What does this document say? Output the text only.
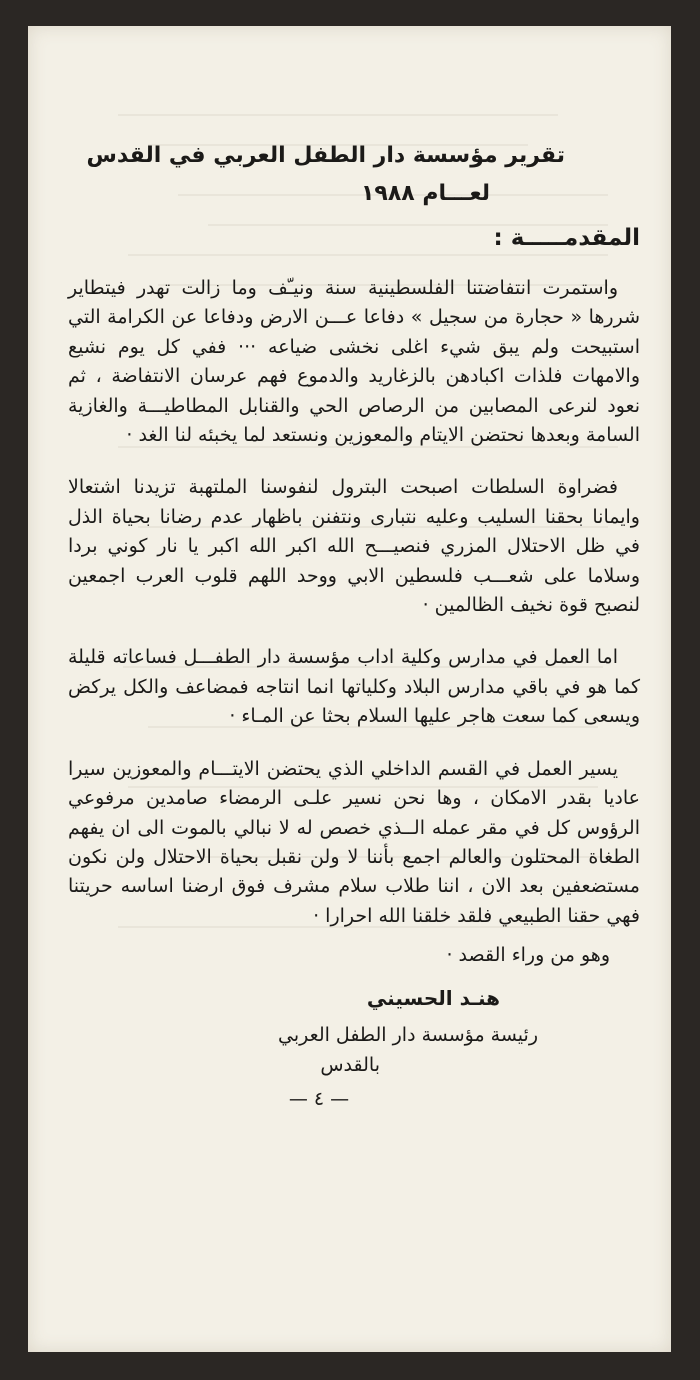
تقرير مؤسسة دار الطفل العربي في القدس
لعـــام ١٩٨٨
المقدمـــــة :

واستمرت انتفاضتنا الفلسطينية سنة ونيـّف وما زالت تهدر فيتطاير شررها « حجارة من سجيل » دفاعا عـــن الارض ودفاعا عن الكرامة التي استبيحت ولم يبق شيء اغلى نخشى ضياعه ··· ففي كل يوم نشيع والامهات فلذات اكبادهن بالزغاريد والدموع فهم عرسان الانتفاضة ، ثم نعود لنرعى المصابين من الرصاص الحي والقنابل المطاطيـــة والغازية السامة وبعدها نحتضن الايتام والمعوزين ونستعد لما يخبئه لنا الغد ·

فضراوة السلطات اصبحت البترول لنفوسنا الملتهبة تزيدنا اشتعالا وايمانا بحقنا السليب وعليه نتبارى ونتفنن باظهار عدم رضانا بحياة الذل في ظل الاحتلال المزري فنصيـــح الله اكبر الله اكبر يا نار كوني بردا وسلاما على شعـــب فلسطين الابي ووحد اللهم قلوب العرب اجمعين لنصبح قوة نخيف الظالمين ·

اما العمل في مدارس وكلية اداب مؤسسة دار الطفـــل فساعاته قليلة كما هو في باقي مدارس البلاد وكلياتها انما انتاجه فمضاعف والكل يركض ويسعى كما سعت هاجر عليها السلام بحثا عن المـاء ·

يسير العمل في القسم الداخلي الذي يحتضن الايتـــام والمعوزين سيرا عاديا بقدر الامكان ، وها نحن نسير علـى الرمضاء صامدين مرفوعي الرؤوس كل في مقر عمله الــذي خصص له لا نبالي بالموت الى ان يفهم الطغاة المحتلون والعالم اجمع بأننا لا ولن نقبل بحياة الاحتلال ولن نكون مستضعفين بعد الان ، اننا طلاب سلام مشرف فوق ارضنا اساسه حريتنا فهي حقنا الطبيعي فلقد خلقنا الله احرارا ·

وهو من وراء القصد ·

هنـد الحسيني

رئيسة مؤسسة دار الطفل العربي

بالقدس

— ٤ —
